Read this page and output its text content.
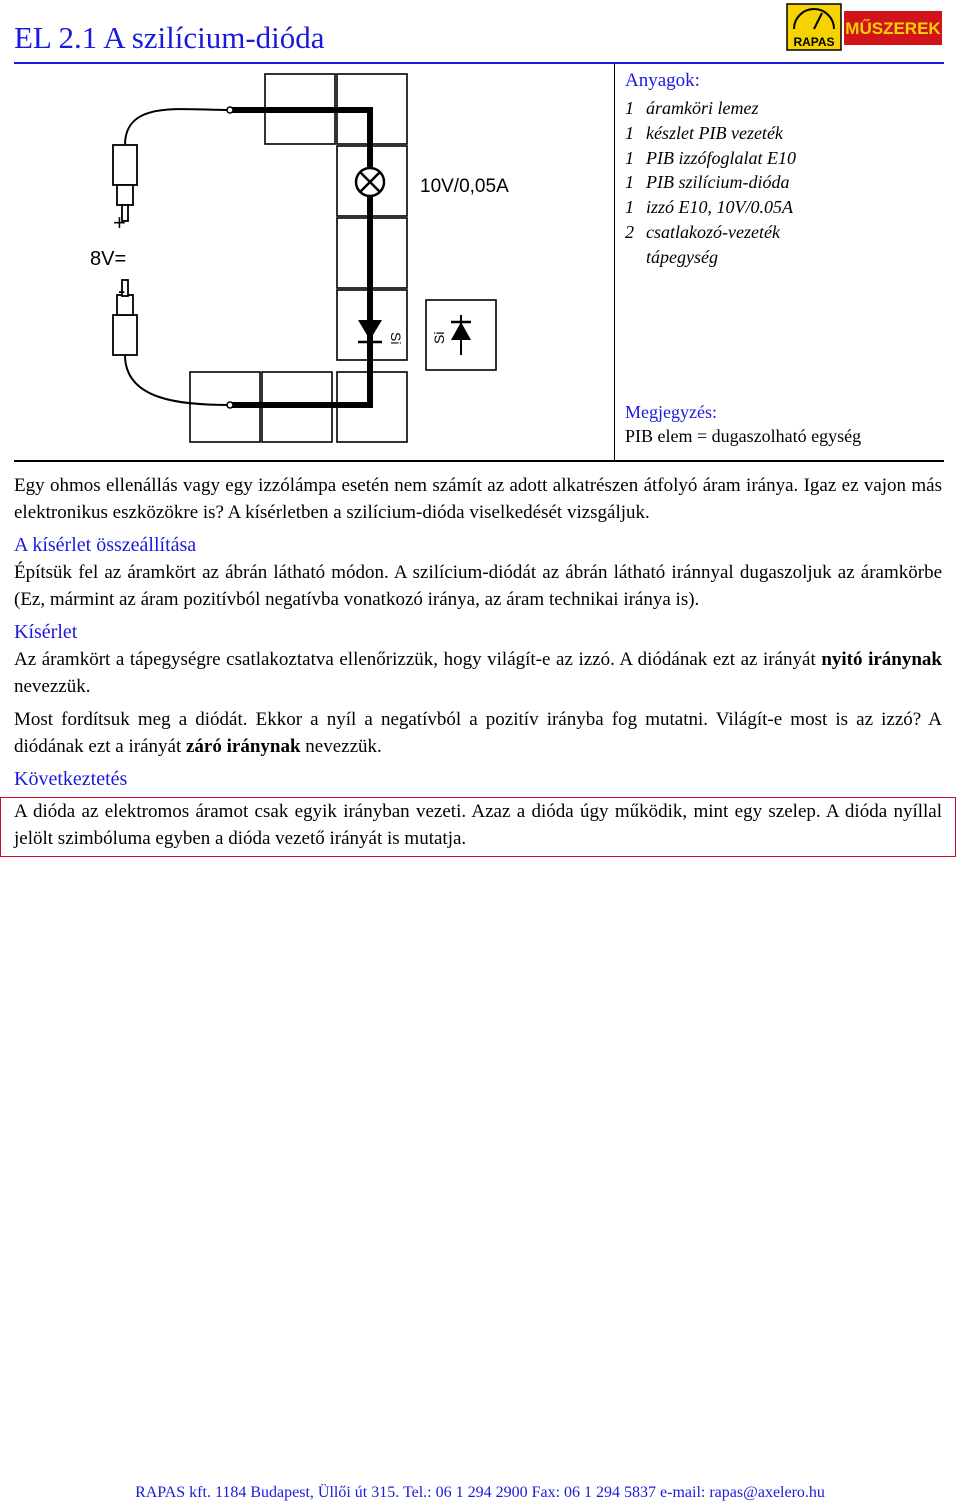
EL 2.1 A szilícium-dióda	RAPAS
MŰSZEREK
+
8V=
-
10V/0,05A
Si Si
Anyagok:
1 áramköri lemez
1 készlet PIB vezeték
1 PIB izzófoglalat E10
1 PIB szilícium-dióda
1 izzó E10, 10V/0.05A
2 csatlakozó-vezeték
tápegység
Megjegyzés:
PIB elem = dugaszolható egység

Egy ohmos ellenállás vagy egy izzólámpa esetén nem számít az adott alkatrészen átfolyó áram iránya. Igaz ez vajon más elektronikus eszközökre is? A kísérletben a szilícium-dióda viselkedését vizsgáljuk.

A kísérlet összeállítása

Építsük fel az áramkört az ábrán látható módon. A szilícium-diódát az ábrán látható iránnyal dugaszoljuk az áramkörbe (Ez, mármint az áram pozitívból negatívba vonatkozó iránya, az áram technikai iránya is).

Kísérlet

Az áramkört a tápegységre csatlakoztatva ellenőrizzük, hogy világít-e az izzó. A diódának ezt az irányát nyitó iránynak nevezzük.

Most fordítsuk meg a diódát. Ekkor a nyíl a negatívból a pozitív irányba fog mutatni. Világít-e most is az izzó? A diódának ezt a irányát záró iránynak nevezzük.

Következtetés

A dióda az elektromos áramot csak egyik irányban vezeti. Azaz a dióda úgy működik, mint egy szelep. A dióda nyíllal jelölt szimbóluma egyben a dióda vezető irányát is mutatja.

RAPAS kft. 1184 Budapest, Üllői út 315. Tel.: 06 1 294 2900 Fax: 06 1 294 5837 e-mail: rapas@axelero.hu
